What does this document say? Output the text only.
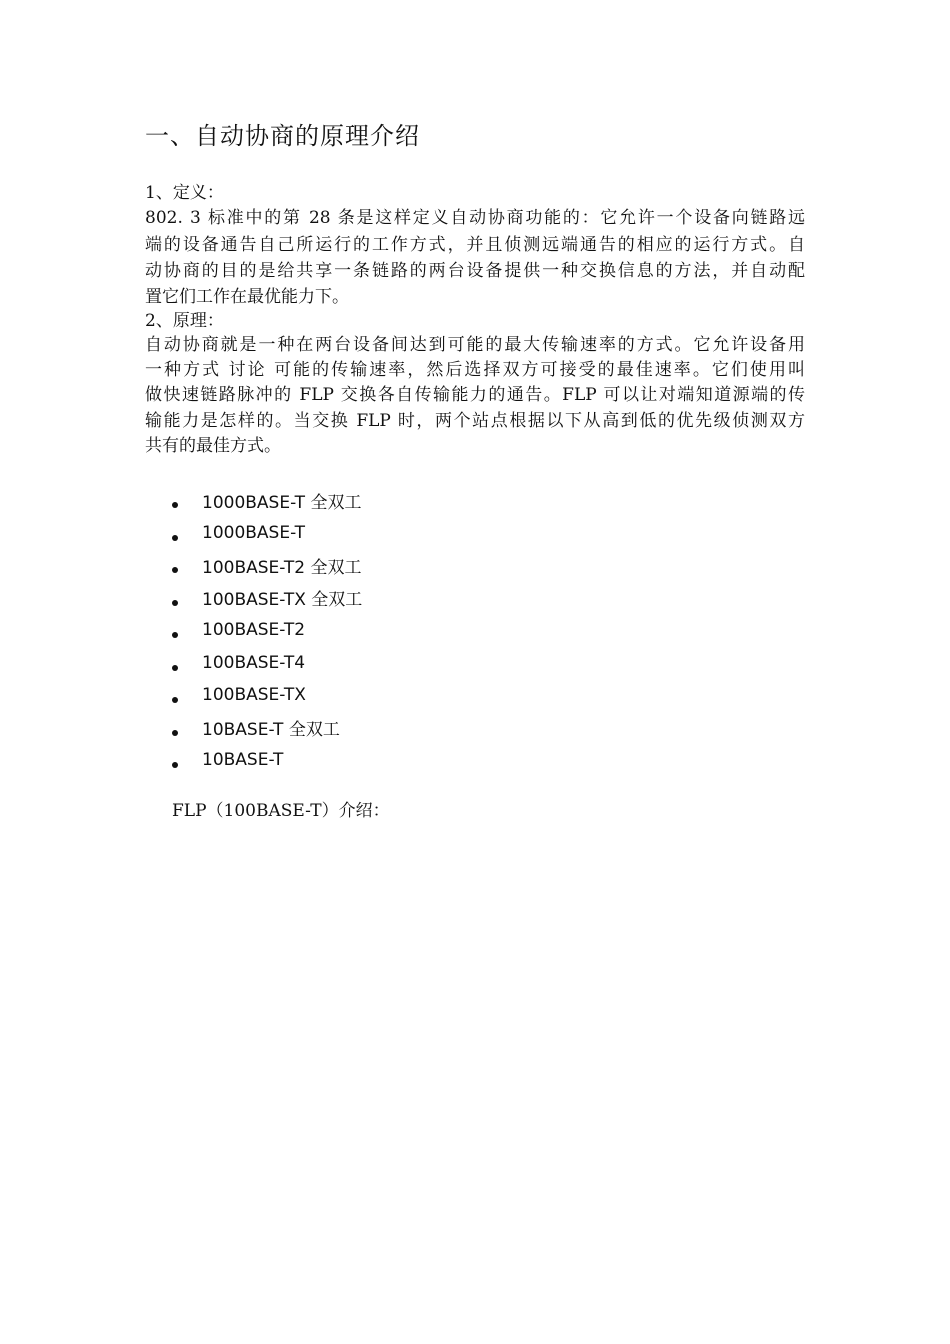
一、自动协商的原理介绍
1、定义：
802. 3 标准中的第 28 条是这样定义自动协商功能的：它允许一个设备向链路远
端的设备通告自己所运行的工作方式，并且侦测远端通告的相应的运行方式。自
动协商的目的是给共享一条链路的两台设备提供一种交换信息的方法，并自动配
置它们工作在最优能力下。
2、原理：
自动协商就是一种在两台设备间达到可能的最大传输速率的方式。它允许设备用
一种方式 讨论 可能的传输速率，然后选择双方可接受的最佳速率。它们使用叫
做快速链路脉冲的 FLP 交换各自传输能力的通告。FLP 可以让对端知道源端的传
输能力是怎样的。当交换 FLP 时，两个站点根据以下从高到低的优先级侦测双方
共有的最佳方式。
1000BASE-T 全双工
1000BASE-T
100BASE-T2 全双工
100BASE-TX 全双工
100BASE-T2
100BASE-T4
100BASE-TX
10BASE-T 全双工
10BASE-T
FLP（100BASE-T）介绍：
